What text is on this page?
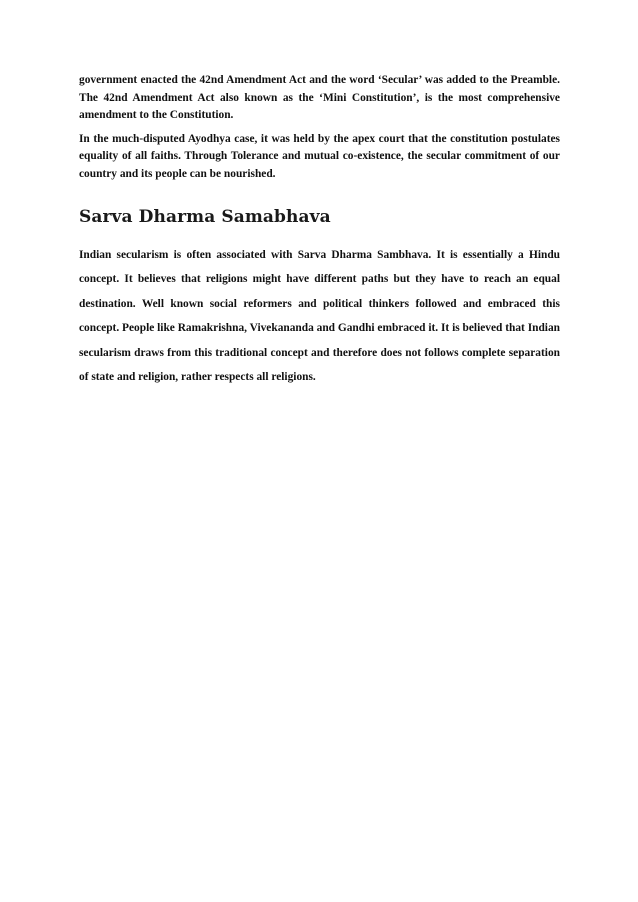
government enacted the 42nd Amendment Act and the word ‘Secular’ was added to the Preamble. The 42nd Amendment Act also known as the ‘Mini Constitution’, is the most comprehensive amendment to the Constitution.

In the much-disputed Ayodhya case, it was held by the apex court that the constitution postulates equality of all faiths. Through Tolerance and mutual co-existence, the secular commitment of our country and its people can be nourished.

Sarva Dharma Samabhava

Indian secularism is often associated with Sarva Dharma Sambhava. It is essentially a Hindu concept. It believes that religions might have different paths but they have to reach an equal destination. Well known social reformers and political thinkers followed and embraced this concept. People like Ramakrishna, Vivekananda and Gandhi embraced it. It is believed that Indian secularism draws from this traditional concept and therefore does not follows complete separation of state and religion, rather respects all religions.
